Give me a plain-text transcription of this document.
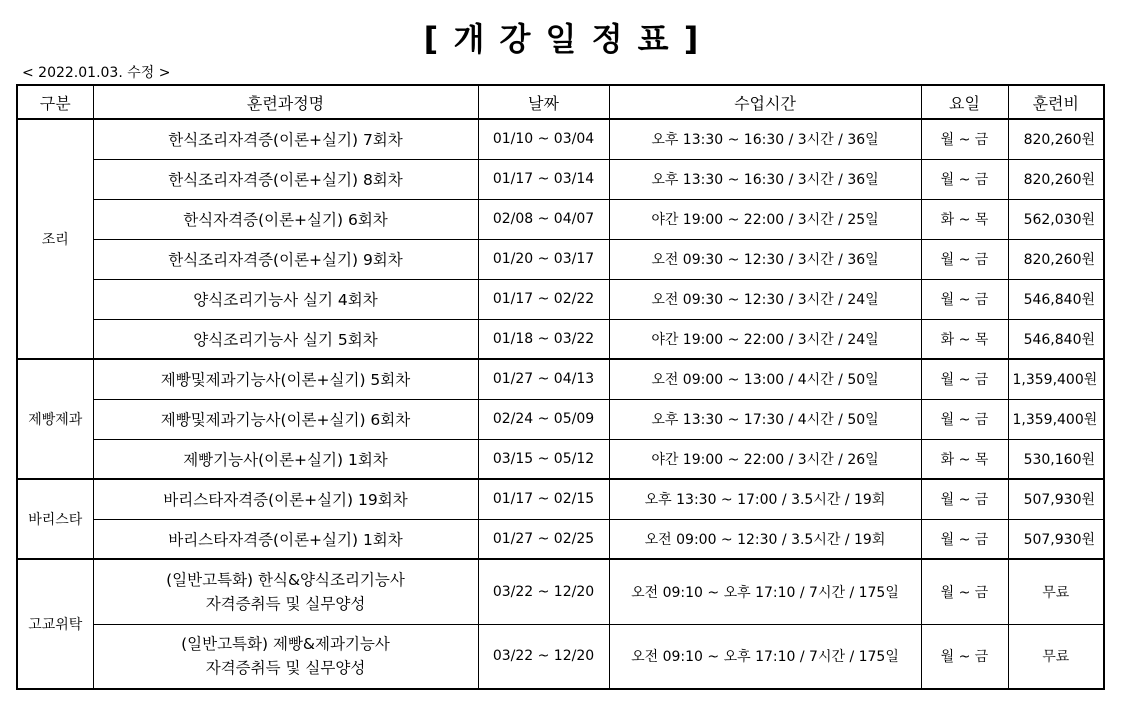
[ 개 강 일 정 표 ]
< 2022.01.03. 수정 >
구분	훈련과정명	날짜	수업시간	요일	훈련비
조리	한식조리자격증(이론+실기) 7회차	01/10 ~ 03/04	오후 13:30 ~ 16:30 / 3시간 / 36일	월 ~ 금	820,260원
	한식조리자격증(이론+실기) 8회차	01/17 ~ 03/14	오후 13:30 ~ 16:30 / 3시간 / 36일	월 ~ 금	820,260원
	한식자격증(이론+실기) 6회차	02/08 ~ 04/07	야간 19:00 ~ 22:00 / 3시간 / 25일	화 ~ 목	562,030원
	한식조리자격증(이론+실기) 9회차	01/20 ~ 03/17	오전 09:30 ~ 12:30 / 3시간 / 36일	월 ~ 금	820,260원
	양식조리기능사 실기 4회차	01/17 ~ 02/22	오전 09:30 ~ 12:30 / 3시간 / 24일	월 ~ 금	546,840원
	양식조리기능사 실기 5회차	01/18 ~ 03/22	야간 19:00 ~ 22:00 / 3시간 / 24일	화 ~ 목	546,840원
제빵제과	제빵및제과기능사(이론+실기) 5회차	01/27 ~ 04/13	오전 09:00 ~ 13:00 / 4시간 / 50일	월 ~ 금	1,359,400원
	제빵및제과기능사(이론+실기) 6회차	02/24 ~ 05/09	오후 13:30 ~ 17:30 / 4시간 / 50일	월 ~ 금	1,359,400원
	제빵기능사(이론+실기) 1회차	03/15 ~ 05/12	야간 19:00 ~ 22:00 / 3시간 / 26일	화 ~ 목	530,160원
바리스타	바리스타자격증(이론+실기) 19회차	01/17 ~ 02/15	오후 13:30 ~ 17:00 / 3.5시간 / 19회	월 ~ 금	507,930원
	바리스타자격증(이론+실기) 1회차	01/27 ~ 02/25	오전 09:00 ~ 12:30 / 3.5시간 / 19회	월 ~ 금	507,930원
고교위탁	(일반고특화) 한식&양식조리기능사
자격증취득 및 실무양성	03/22 ~ 12/20	오전 09:10 ~ 오후 17:10 / 7시간 / 175일	월 ~ 금	무료

	(일반고특화) 제빵&제과기능사
자격증취득 및 실무양성	03/22 ~ 12/20	오전 09:10 ~ 오후 17:10 / 7시간 / 175일	월 ~ 금	무료
